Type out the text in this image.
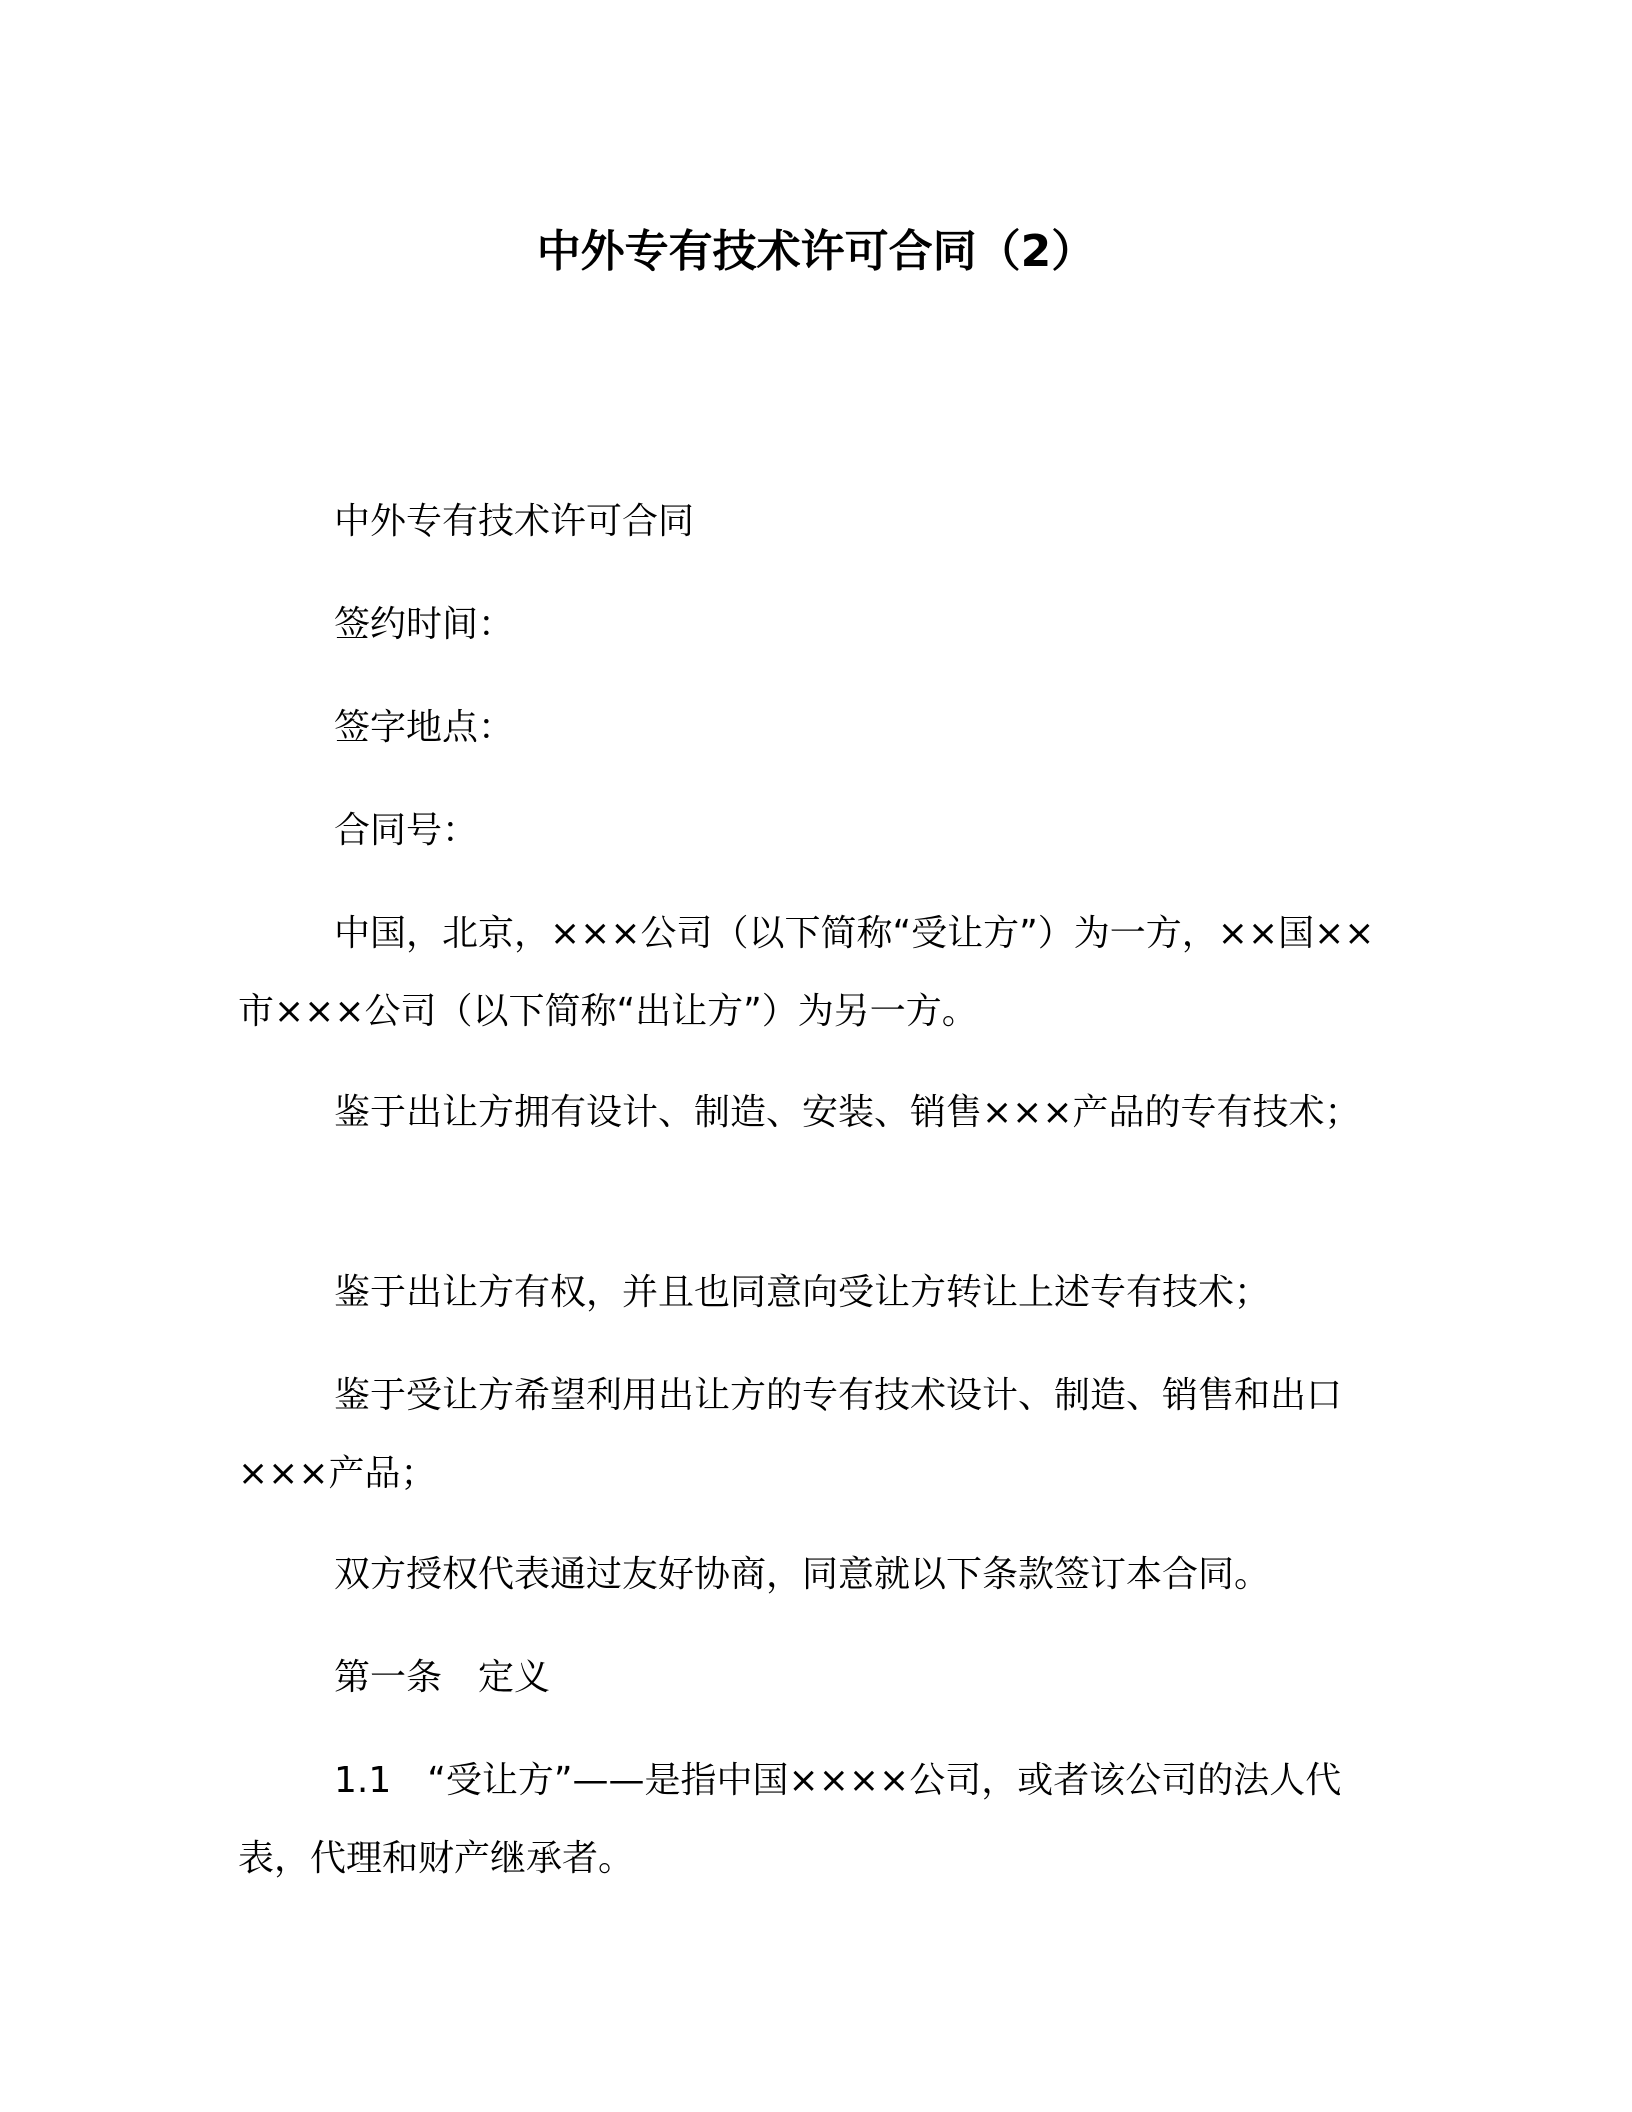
中外专有技术许可合同（2）

中外专有技术许可合同

签约时间：

签字地点：

合同号：

中国，北京，×××公司（以下简称“受让方”）为一方，××国××市×××公司（以下简称“出让方”）为另一方。

鉴于出让方拥有设计、制造、安装、销售×××产品的专有技术；

鉴于出让方有权，并且也同意向受让方转让上述专有技术；

鉴于受让方希望利用出让方的专有技术设计、制造、销售和出口×××产品；

双方授权代表通过友好协商，同意就以下条款签订本合同。

第一条　定义

1.1　“受让方”——是指中国××××公司，或者该公司的法人代表，代理和财产继承者。
